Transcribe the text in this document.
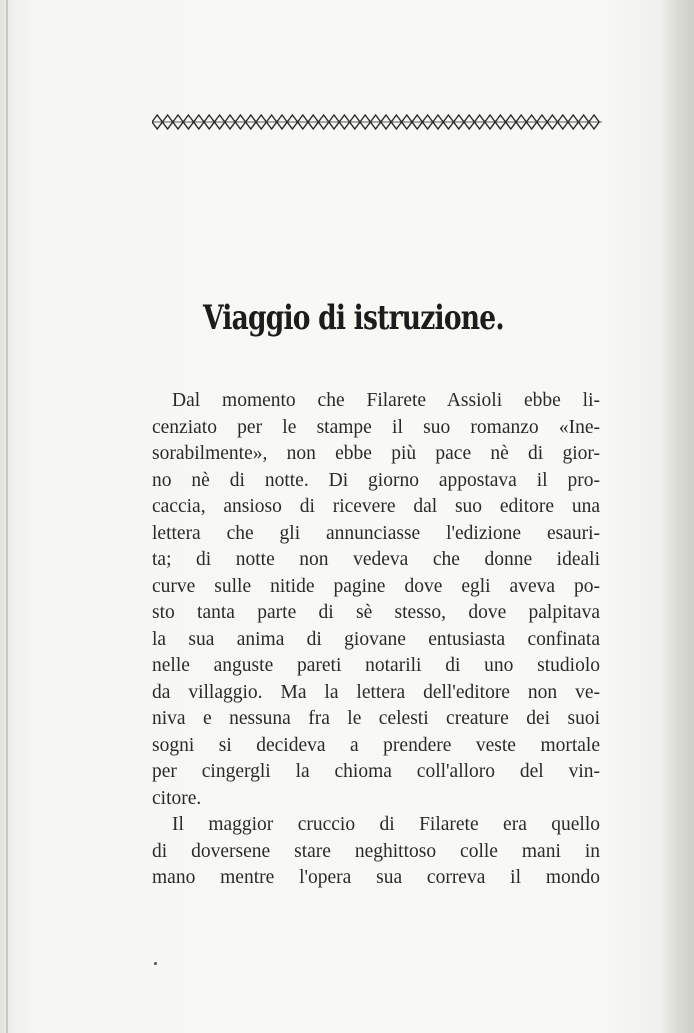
Viaggio di istruzione.
Dal momento che Filarete Assioli ebbe li-
cenziato per le stampe il suo romanzo «Ine-
sorabilmente», non ebbe più pace nè di gior-
no nè di notte. Di giorno appostava il pro-
caccia, ansioso di ricevere dal suo editore una
lettera che gli annunciasse l'edizione esauri-
ta; di notte non vedeva che donne ideali
curve sulle nitide pagine dove egli aveva po-
sto tanta parte di sè stesso, dove palpitava
la sua anima di giovane entusiasta confinata
nelle anguste pareti notarili di uno studiolo
da villaggio. Ma la lettera dell'editore non ve-
niva e nessuna fra le celesti creature dei suoi
sogni si decideva a prendere veste mortale
per cingergli la chioma coll'alloro del vin-
citore.
Il maggior cruccio di Filarete era quello
di doversene stare neghittoso colle mani in
mano mentre l'opera sua correva il mondo
